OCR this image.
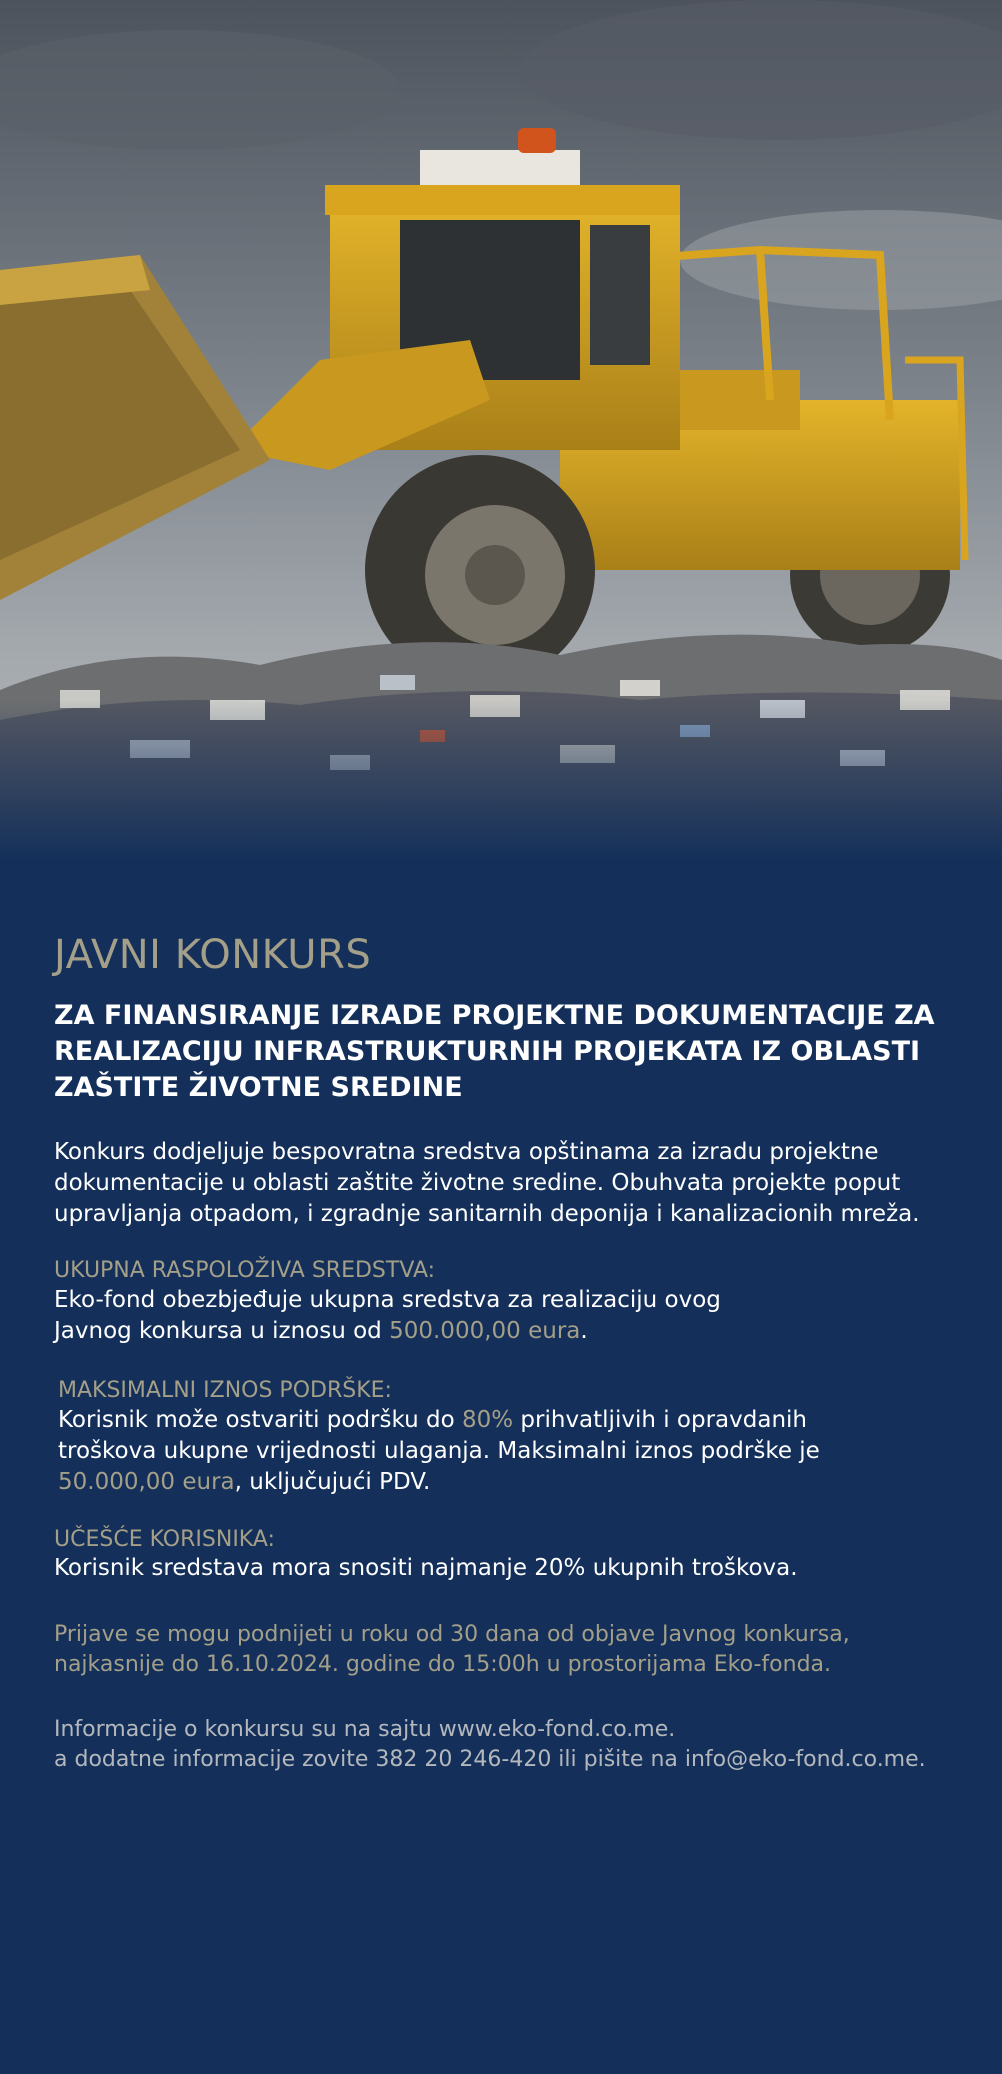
JAVNI KONKURS
ZA FINANSIRANJE IZRADE PROJEKTNE DOKUMENTACIJE ZA
REALIZACIJU INFRASTRUKTURNIH PROJEKATA IZ OBLASTI
ZAŠTITE ŽIVOTNE SREDINE
Konkurs dodjeljuje bespovratna sredstva opštinama za izradu projektne
dokumentacije u oblasti zaštite životne sredine. Obuhvata projekte poput
upravljanja otpadom, i zgradnje sanitarnih deponija i kanalizacionih mreža.
UKUPNA RASPOLOŽIVA SREDSTVA:
Eko-fond obezbjeđuje ukupna sredstva za realizaciju ovog
Javnog konkursa u iznosu od 500.000,00 eura.
MAKSIMALNI IZNOS PODRŠKE:
Korisnik može ostvariti podršku do 80% prihvatljivih i opravdanih
troškova ukupne vrijednosti ulaganja. Maksimalni iznos podrške je
50.000,00 eura, uključujući PDV.
UČEŠĆE KORISNIKA:
Korisnik sredstava mora snositi najmanje 20% ukupnih troškova.
Prijave se mogu podnijeti u roku od 30 dana od objave Javnog konkursa,
najkasnije do 16.10.2024. godine do 15:00h u prostorijama Eko-fonda.
Informacije o konkursu su na sajtu www.eko-fond.co.me.
a dodatne informacije zovite 382 20 246-420 ili pišite na info@eko-fond.co.me.
